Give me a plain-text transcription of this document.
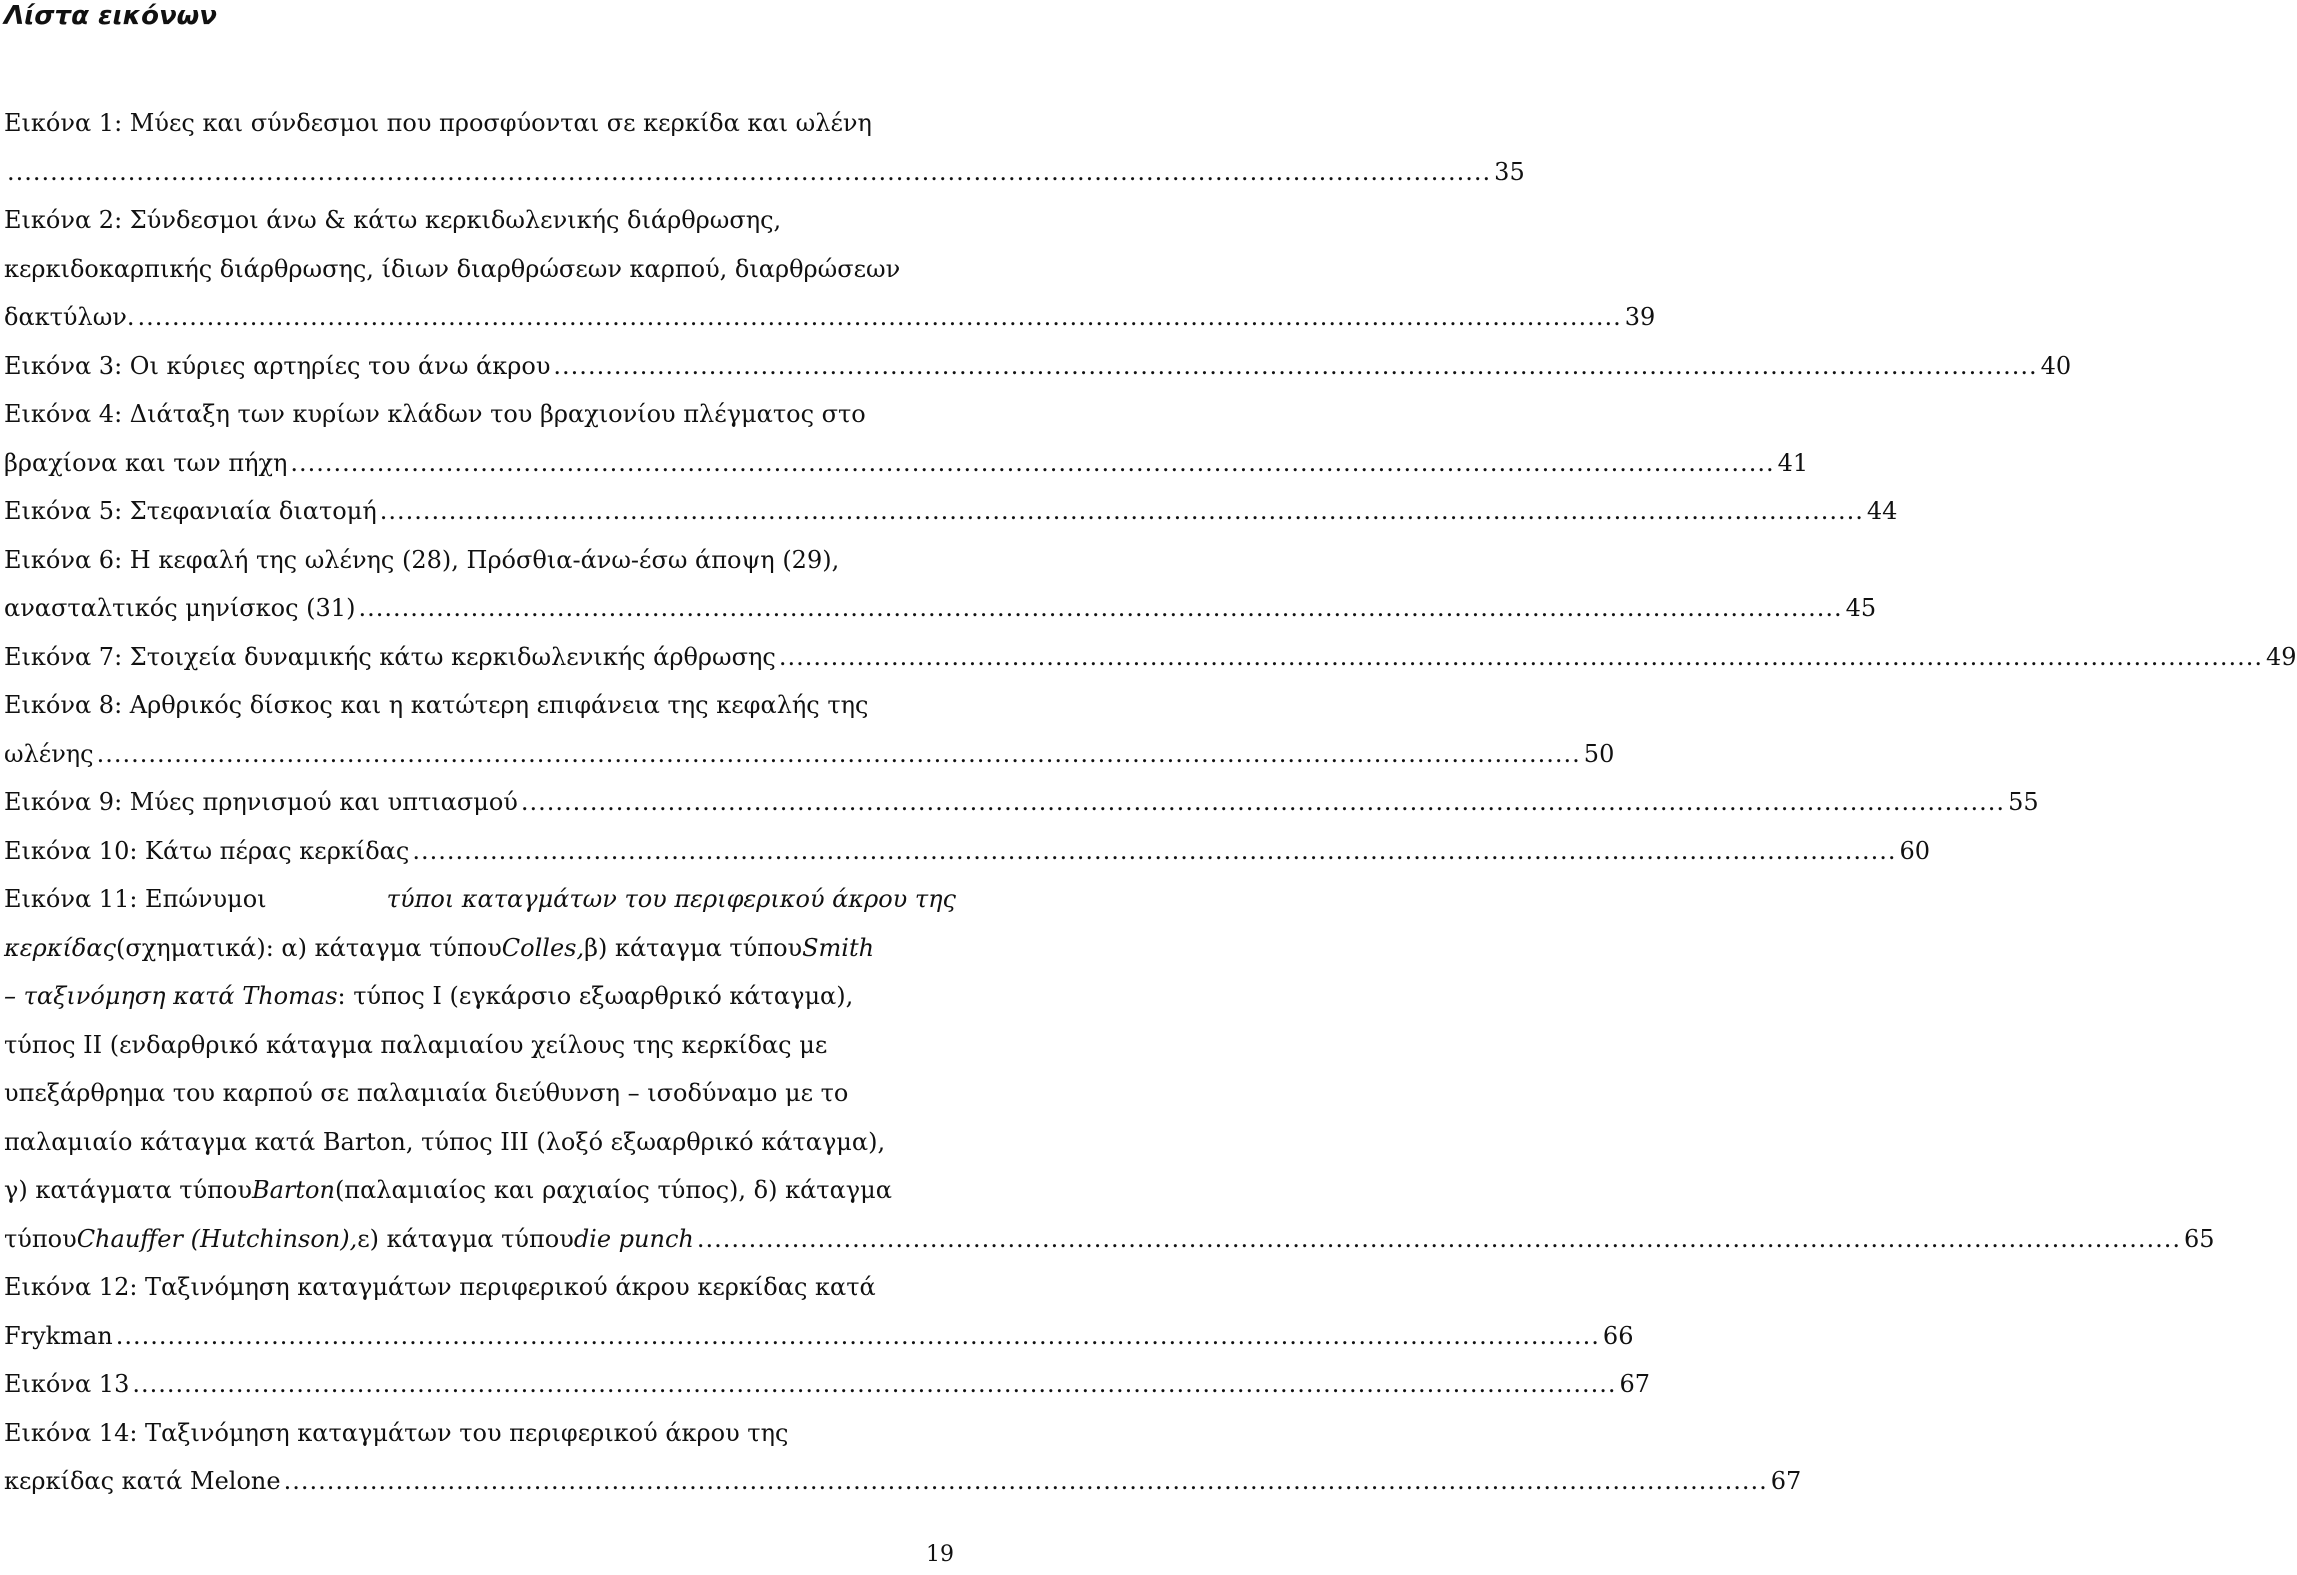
Λίστα εικόνων
Εικόνα 1: Μύες και σύνδεσμοι που προσφύονται σε κερκίδα και ωλένη
............................................................................................................................................................................ 35
Εικόνα 2: Σύνδεσμοι άνω & κάτω κερκιδωλενικής διάρθρωσης,
κερκιδοκαρπικής διάρθρωσης, ίδιων διαρθρώσεων καρπού, διαρθρώσεων
δακτύλων. ............................................................................................................................................................................ 39
Εικόνα 3: Οι κύριες αρτηρίες του άνω άκρου ............................................................................................................................................................................ 40
Εικόνα 4: Διάταξη των κυρίων κλάδων του βραχιονίου πλέγματος στο
βραχίονα και των πήχη ............................................................................................................................................................................ 41
Εικόνα 5: Στεφανιαία διατομή ............................................................................................................................................................................ 44
Εικόνα 6: Η κεφαλή της ωλένης (28), Πρόσθια-άνω-έσω άποψη (29),
ανασταλτικός μηνίσκος (31) ............................................................................................................................................................................ 45
Εικόνα 7: Στοιχεία δυναμικής κάτω κερκιδωλενικής άρθρωσης ............................................................................................................................................................................ 49
Εικόνα 8: Αρθρικός δίσκος και η κατώτερη επιφάνεια της κεφαλής της
ωλένης ............................................................................................................................................................................ 50
Εικόνα 9: Μύες πρηνισμού και υπτιασμού ............................................................................................................................................................................ 55
Εικόνα 10: Κάτω πέρας κερκίδας ............................................................................................................................................................................ 60
Εικόνα 11: Επώνυμοι	τύποι καταγμάτων του περιφερικού άκρου της
κερκίδας (σχηματικά): α) κάταγμα τύπου Colles, β) κάταγμα τύπου Smith
– ταξινόμηση κατά Thomas : τύπος Ι (εγκάρσιο εξωαρθρικό κάταγμα),
τύπος ΙΙ (ενδαρθρικό κάταγμα παλαμιαίου χείλους της κερκίδας με
υπεξάρθρημα του καρπού σε παλαμιαία διεύθυνση – ισοδύναμο με το
παλαμιαίο κάταγμα κατά Barton, τύπος ΙΙΙ (λοξό εξωαρθρικό κάταγμα),
γ) κατάγματα τύπου Barton (παλαμιαίος και ραχιαίος τύπος), δ) κάταγμα
τύπου Chauffer (Hutchinson), ε) κάταγμα τύπου die punch ............................................................................................................................................................................ 65
Εικόνα 12: Ταξινόμηση καταγμάτων περιφερικού άκρου κερκίδας κατά
Frykman ............................................................................................................................................................................ 66
Εικόνα 13 ............................................................................................................................................................................ 67
Εικόνα 14: Ταξινόμηση καταγμάτων του περιφερικού άκρου της
κερκίδας κατά Melone ............................................................................................................................................................................ 67
19
